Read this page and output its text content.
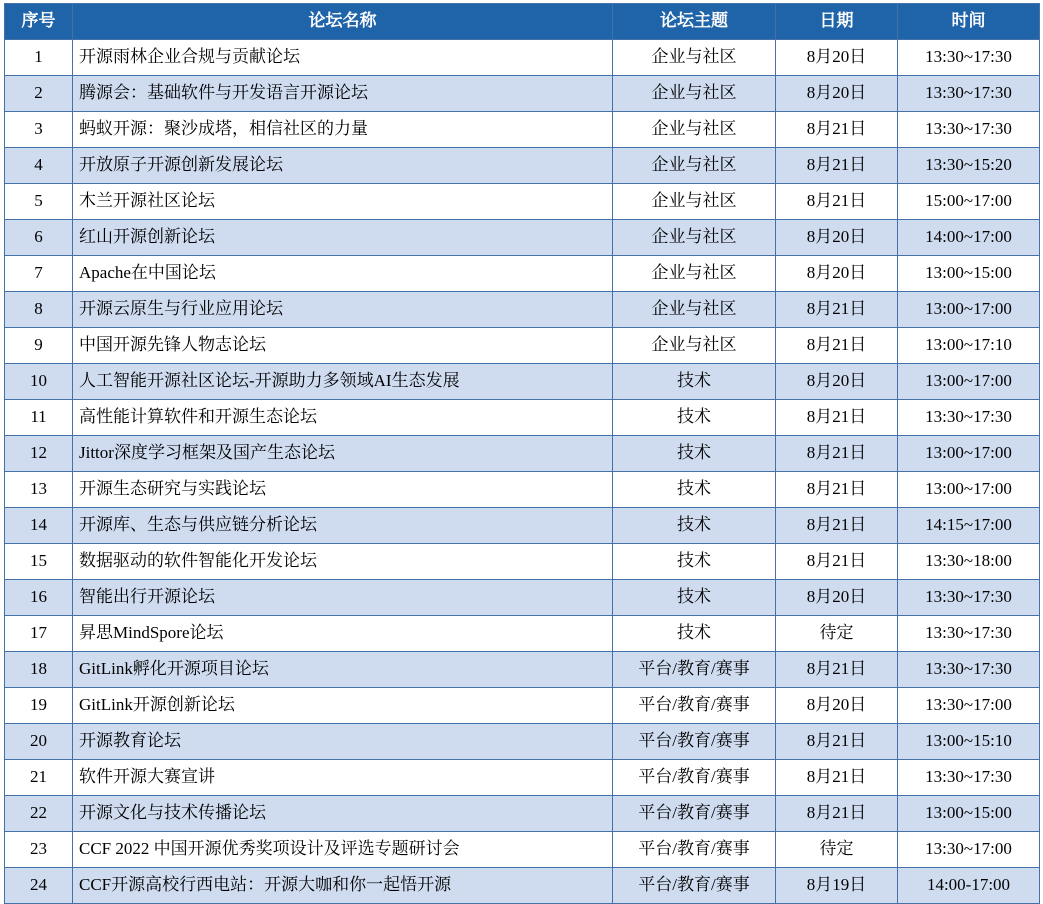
序号	论坛名称	论坛主题	日期	时间
1	开源雨林企业合规与贡献论坛	企业与社区	8月20日	13:30~17:30
2	腾源会：基础软件与开发语言开源论坛	企业与社区	8月20日	13:30~17:30
3	蚂蚁开源：聚沙成塔，相信社区的力量	企业与社区	8月21日	13:30~17:30
4	开放原子开源创新发展论坛	企业与社区	8月21日	13:30~15:20
5	木兰开源社区论坛	企业与社区	8月21日	15:00~17:00
6	红山开源创新论坛	企业与社区	8月20日	14:00~17:00
7	Apache在中国论坛	企业与社区	8月20日	13:00~15:00
8	开源云原生与行业应用论坛	企业与社区	8月21日	13:00~17:00
9	中国开源先锋人物志论坛	企业与社区	8月21日	13:00~17:10
10	人工智能开源社区论坛-开源助力多领域AI生态发展	技术	8月20日	13:00~17:00
11	高性能计算软件和开源生态论坛	技术	8月21日	13:30~17:30
12	Jittor深度学习框架及国产生态论坛	技术	8月21日	13:00~17:00
13	开源生态研究与实践论坛	技术	8月21日	13:00~17:00
14	开源库、生态与供应链分析论坛	技术	8月21日	14:15~17:00
15	数据驱动的软件智能化开发论坛	技术	8月21日	13:30~18:00
16	智能出行开源论坛	技术	8月20日	13:30~17:30
17	昇思MindSpore论坛	技术	待定	13:30~17:30
18	GitLink孵化开源项目论坛	平台/教育/赛事	8月21日	13:30~17:30
19	GitLink开源创新论坛	平台/教育/赛事	8月20日	13:30~17:00
20	开源教育论坛	平台/教育/赛事	8月21日	13:00~15:10
21	软件开源大赛宣讲	平台/教育/赛事	8月21日	13:30~17:30
22	开源文化与技术传播论坛	平台/教育/赛事	8月21日	13:00~15:00
23	CCF 2022 中国开源优秀奖项设计及评选专题研讨会	平台/教育/赛事	待定	13:30~17:00
24	CCF开源高校行西电站：开源大咖和你一起悟开源	平台/教育/赛事	8月19日	14:00-17:00
